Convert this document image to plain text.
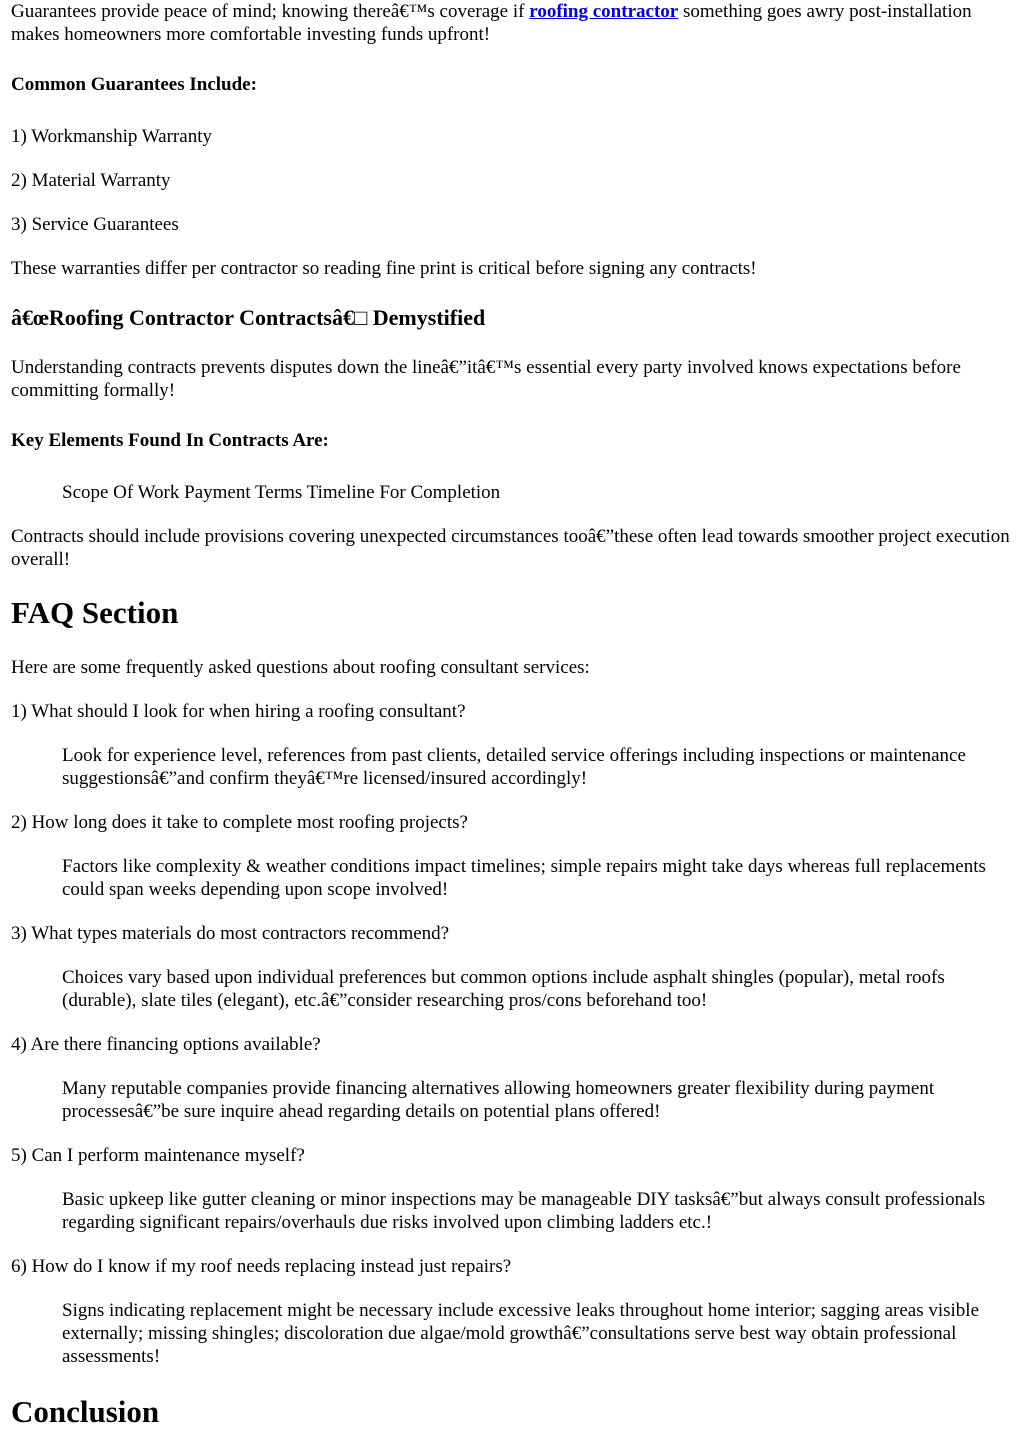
Guarantees provide peace of mind; knowing thereâ€™s coverage if roofing contractor something goes awry post-installation makes homeowners more comfortable investing funds upfront!

Common Guarantees Include:

1) Workmanship Warranty

2) Material Warranty

3) Service Guarantees

These warranties differ per contractor so reading fine print is critical before signing any contracts!

â€œRoofing Contractor Contractsâ€□ Demystified

Understanding contracts prevents disputes down the lineâ€”itâ€™s essential every party involved knows expectations before committing formally!

Key Elements Found In Contracts Are:

Scope Of Work Payment Terms Timeline For Completion

Contracts should include provisions covering unexpected circumstances tooâ€”these often lead towards smoother project execution overall!

FAQ Section

Here are some frequently asked questions about roofing consultant services:

1) What should I look for when hiring a roofing consultant?

Look for experience level, references from past clients, detailed service offerings including inspections or maintenance suggestionsâ€”and confirm theyâ€™re licensed/insured accordingly!

2) How long does it take to complete most roofing projects?

Factors like complexity & weather conditions impact timelines; simple repairs might take days whereas full replacements could span weeks depending upon scope involved!

3) What types materials do most contractors recommend?

Choices vary based upon individual preferences but common options include asphalt shingles (popular), metal roofs (durable), slate tiles (elegant), etc.â€”consider researching pros/cons beforehand too!

4) Are there financing options available?

Many reputable companies provide financing alternatives allowing homeowners greater flexibility during payment processesâ€”be sure inquire ahead regarding details on potential plans offered!

5) Can I perform maintenance myself?

Basic upkeep like gutter cleaning or minor inspections may be manageable DIY tasksâ€”but always consult professionals regarding significant repairs/overhauls due risks involved upon climbing ladders etc.!

6) How do I know if my roof needs replacing instead just repairs?

Signs indicating replacement might be necessary include excessive leaks throughout home interior; sagging areas visible externally; missing shingles; discoloration due algae/mold growthâ€”consultations serve best way obtain professional assessments!

Conclusion
